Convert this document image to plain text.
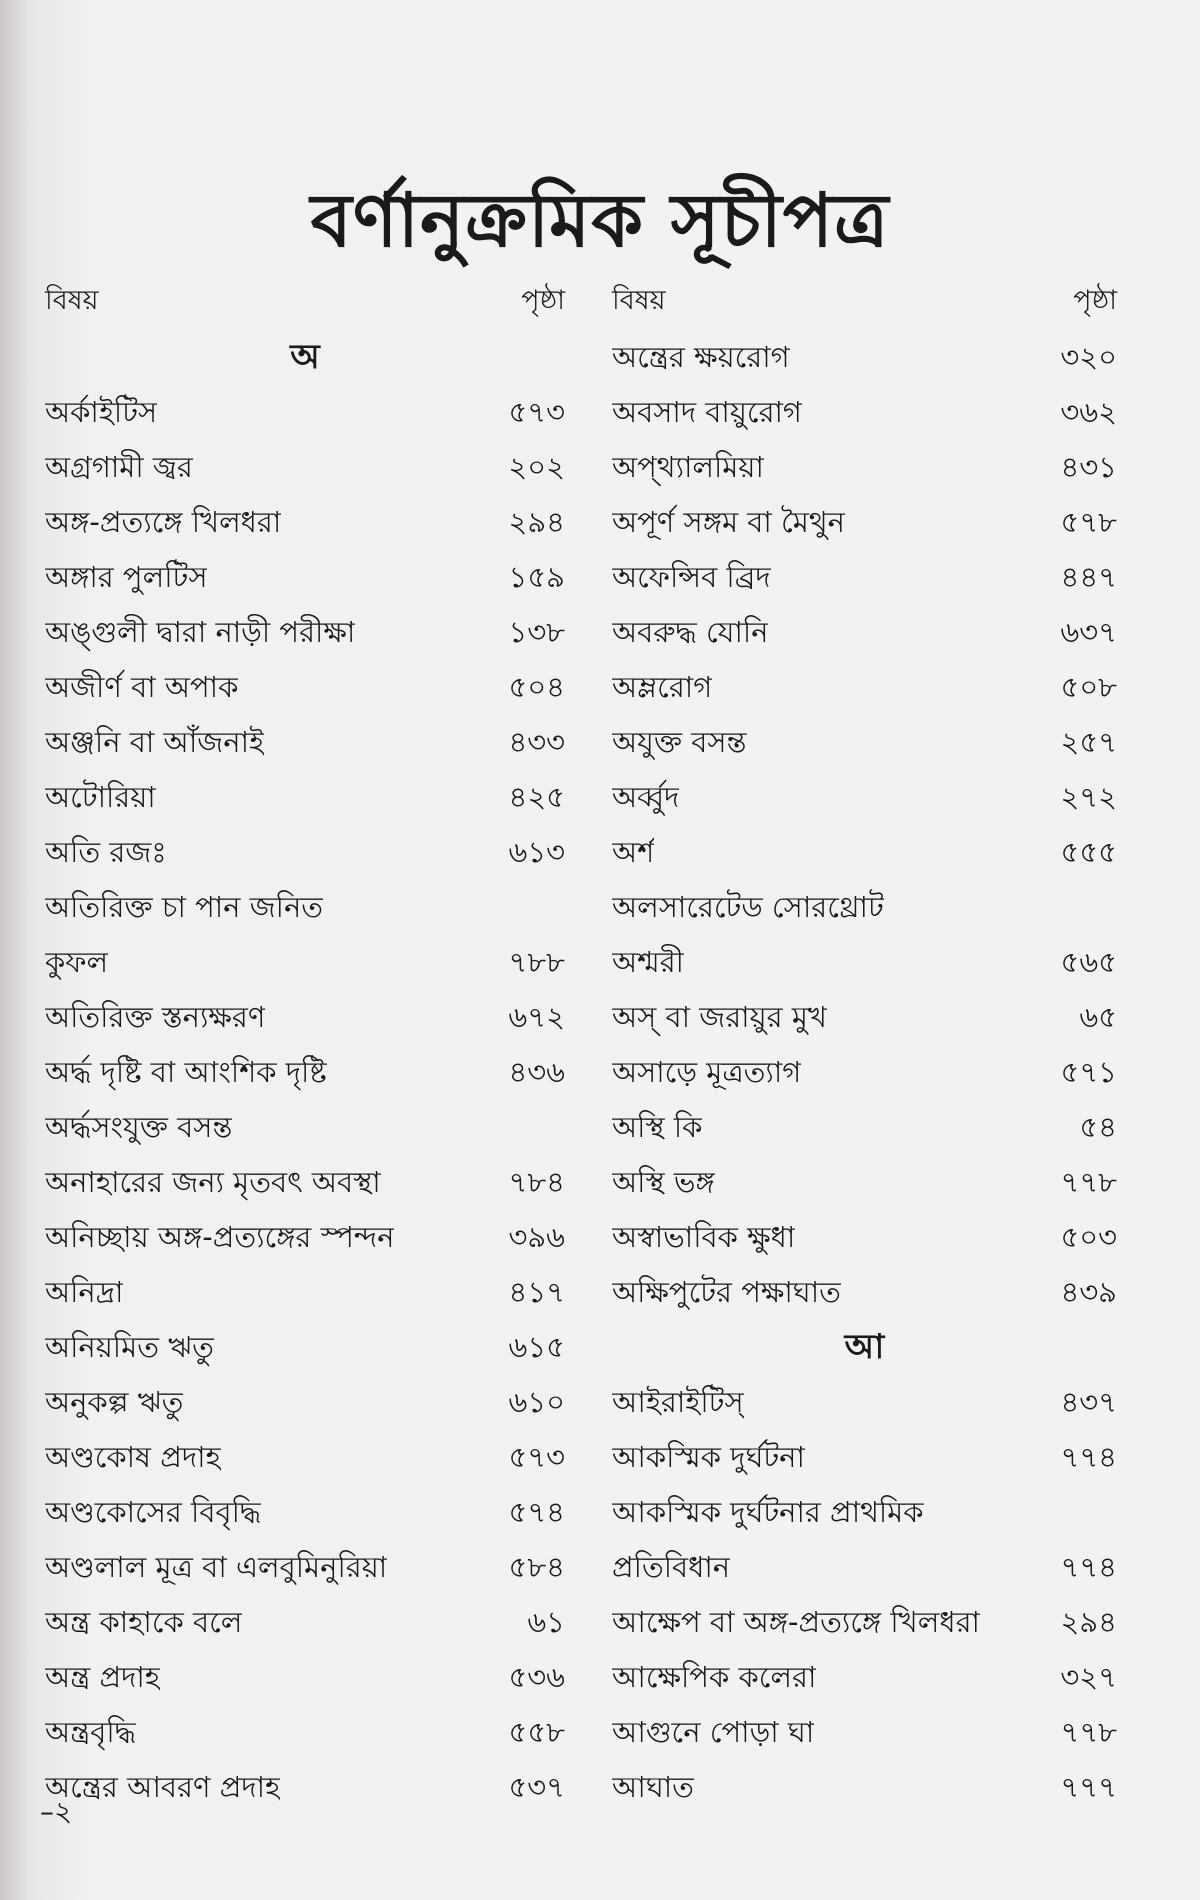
বর্ণানুক্রমিক সূচীপত্র
বিষয়	পৃষ্ঠা
অ
অর্কাইটিস	৫৭৩
অগ্রগামী জ্বর	২০২
অঙ্গ-প্রত্যঙ্গে খিলধরা	২৯৪
অঙ্গার পুলটিস	১৫৯
অঙ্গুলী দ্বারা নাড়ী পরীক্ষা	১৩৮
অজীর্ণ বা অপাক	৫০৪
অঞ্জনি বা আঁজনাই	৪৩৩
অটোরিয়া	৪২৫
অতি রজঃ	৬১৩
অতিরিক্ত চা পান জনিত
কুফল	৭৮৮
অতিরিক্ত স্তন্যক্ষরণ	৬৭২
অর্দ্ধ দৃষ্টি বা আংশিক দৃষ্টি	৪৩৬
অর্দ্ধসংযুক্ত বসন্ত
অনাহারের জন্য মৃতবৎ অবস্থা	৭৮৪
অনিচ্ছায় অঙ্গ-প্রত্যঙ্গের স্পন্দন	৩৯৬
অনিদ্রা	৪১৭
অনিয়মিত ঋতু	৬১৫
অনুকল্প ঋতু	৬১০
অণ্ডকোষ প্রদাহ	৫৭৩
অণ্ডকোসের বিবৃদ্ধি	৫৭৪
অণ্ডলাল মূত্র বা এলবুমিনুরিয়া	৫৮৪
অন্ত্র কাহাকে বলে	৬১
অন্ত্র প্রদাহ	৫৩৬
অন্ত্রবৃদ্ধি	৫৫৮
অন্ত্রের আবরণ প্রদাহ	৫৩৭
বিষয়	পৃষ্ঠা
অন্ত্রের ক্ষয়রোগ	৩২০
অবসাদ বায়ুরোগ	৩৬২
অপ্থ্যালমিয়া	৪৩১
অপূর্ণ সঙ্গম বা মৈথুন	৫৭৮
অফেন্সিব ব্রিদ	৪৪৭
অবরুদ্ধ যোনি	৬৩৭
অম্লরোগ	৫০৮
অযুক্ত বসন্ত	২৫৭
অর্ব্বুদ	২৭২
অর্শ	৫৫৫
অলসারেটেড সোরথ্রোট
অশ্মরী	৫৬৫
অস্ বা জরায়ুর মুখ	৬৫
অসাড়ে মূত্রত্যাগ	৫৭১
অস্থি কি	৫৪
অস্থি ভঙ্গ	৭৭৮
অস্বাভাবিক ক্ষুধা	৫০৩
অক্ষিপুটের পক্ষাঘাত	৪৩৯
আ
আইরাইটিস্	৪৩৭
আকস্মিক দুর্ঘটনা	৭৭৪
আকস্মিক দুর্ঘটনার প্রাথমিক
প্রতিবিধান	৭৭৪
আক্ষেপ বা অঙ্গ-প্রত্যঙ্গে খিলধরা	২৯৪
আক্ষেপিক কলেরা	৩২৭
আগুনে পোড়া ঘা	৭৭৮
আঘাত	৭৭৭
–২
